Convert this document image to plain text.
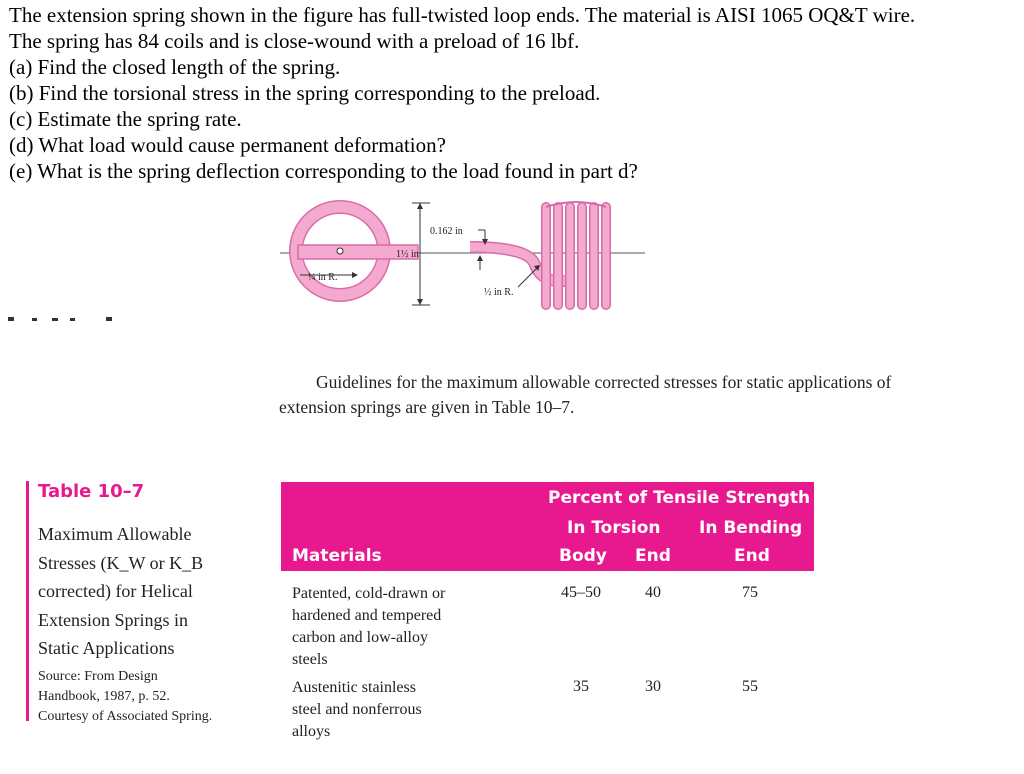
The extension spring shown in the figure has full-twisted loop ends. The material is AISI 1065 OQ&T wire.
The spring has 84 coils and is close-wound with a preload of 16 lbf.
(a) Find the closed length of the spring.
(b) Find the torsional stress in the spring corresponding to the preload.
(c) Estimate the spring rate.
(d) What load would cause permanent deformation?
(e) What is the spring deflection corresponding to the load found in part d?
0.162 in
1½ in
¼ in R.
½ in R.
Guidelines for the maximum allowable corrected stresses for static applications of
extension springs are given in Table 10–7.
Table 10–7
Maximum Allowable
Stresses (K_W or K_B
corrected) for Helical
Extension Springs in
Static Applications
Source: From Design
Handbook, 1987, p. 52.
Courtesy of Associated Spring.
Percent of Tensile Strength
In Torsion In Bending
Materials	Body End	End
Patented, cold-drawn or
hardened and tempered
carbon and low-alloy
steels
45–50	40	75
Austenitic stainless
steel and nonferrous
alloys
35	30	55
